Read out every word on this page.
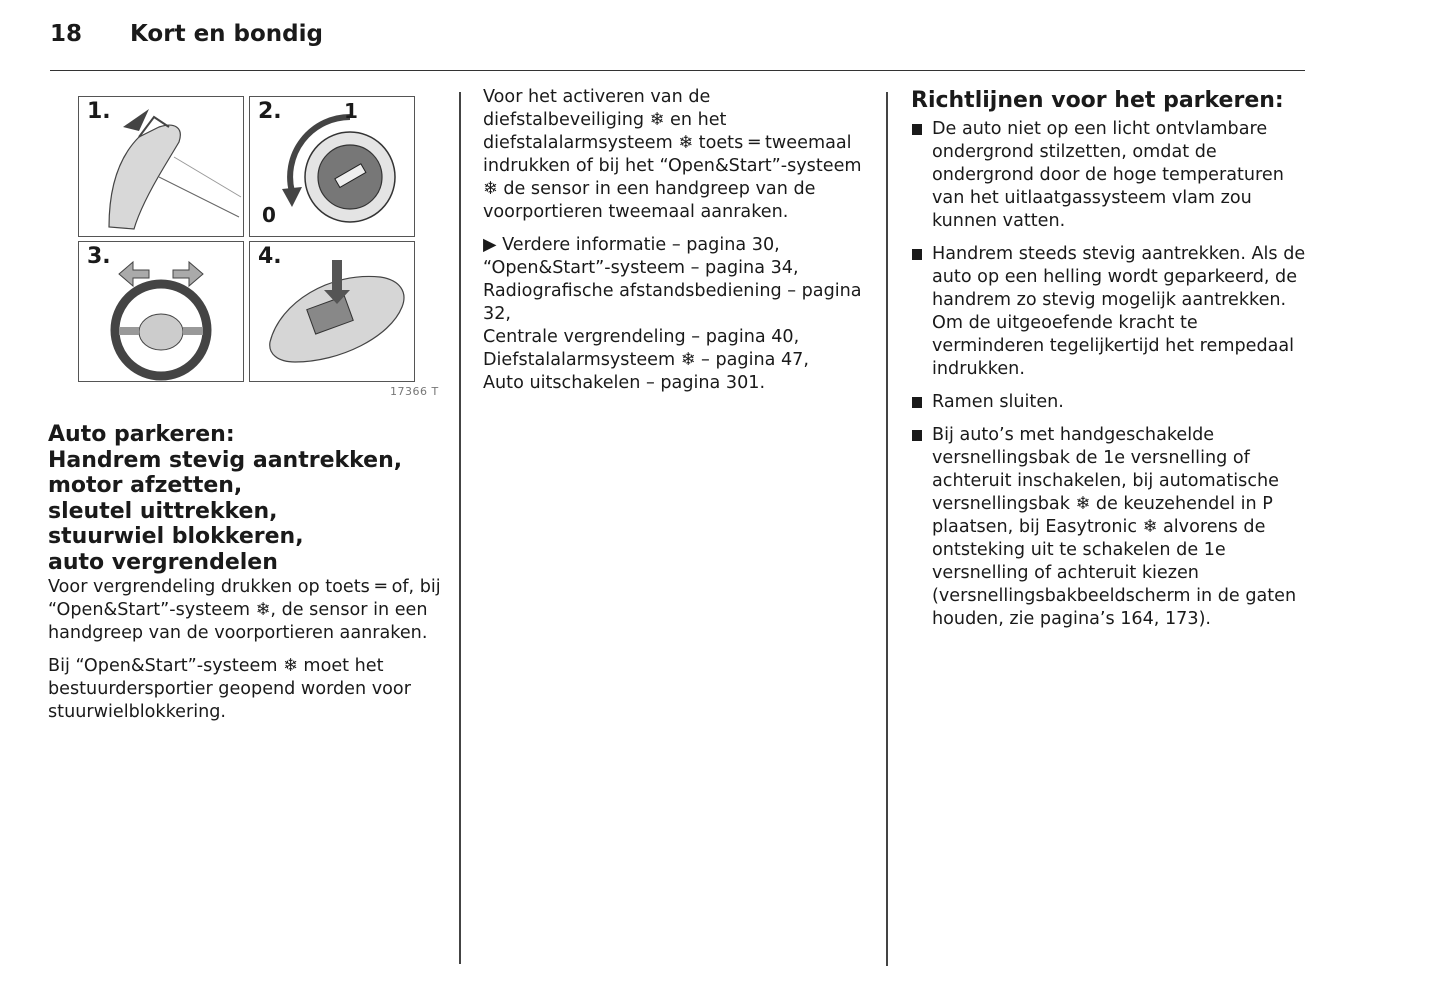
18 Kort en bondig
1.	2.	1
0
3.	4.
17366 T
Auto parkeren:
Handrem stevig aantrekken,
motor afzetten,
sleutel uittrekken,
stuurwiel blokkeren,
auto vergrendelen

Voor vergrendeling drukken op toets ═ of, bij “Open&Start”-systeem ❄, de sensor in een handgreep van de voorportieren aanraken.

Bij “Open&Start”-systeem ❄ moet het bestuurdersportier geopend worden voor stuurwielblokkering.

Voor het activeren van de diefstalbeveiliging ❄ en het diefstalalarmsysteem ❄ toets ═ tweemaal indrukken of bij het “Open&Start”-systeem ❄ de sensor in een handgreep van de voorportieren tweemaal aanraken.

▶ Verdere informatie – pagina 30,
“Open&Start”-systeem – pagina 34,
Radiografische afstandsbediening – pagina 32,
Centrale vergrendeling – pagina 40,
Diefstalalarmsysteem ❄ – pagina 47,
Auto uitschakelen – pagina 301.
Richtlijnen voor het parkeren:
De auto niet op een licht ontvlambare ondergrond stilzetten, omdat de ondergrond door de hoge temperaturen van het uitlaatgassysteem vlam zou kunnen vatten.
Handrem steeds stevig aantrekken. Als de auto op een helling wordt geparkeerd, de handrem zo stevig mogelijk aantrekken. Om de uitgeoefende kracht te verminderen tegelijkertijd het rempedaal indrukken.
Ramen sluiten.
Bij auto’s met handgeschakelde versnellingsbak de 1e versnelling of achteruit inschakelen, bij automatische versnellingsbak ❄ de keuzehendel in P plaatsen, bij Easytronic ❄ alvorens de ontsteking uit te schakelen de 1e versnelling of achteruit kiezen (versnellingsbakbeeldscherm in de gaten houden, zie pagina’s 164, 173).
